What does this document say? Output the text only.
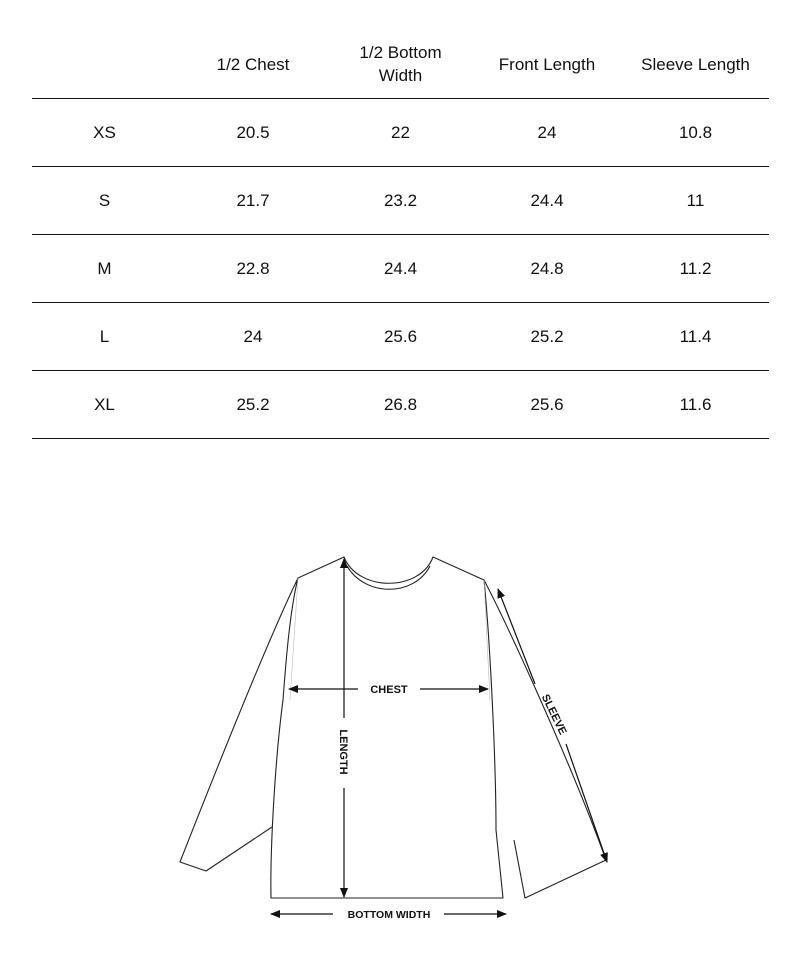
	1/2 Chest	1/2 Bottom Width	Front Length	Sleeve Length
XS	20.5	22	24	10.8
S	21.7	23.2	24.4	11
M	22.8	24.4	24.8	11.2
L	24	25.6	25.2	11.4
XL	25.2	26.8	25.6	11.6
CHEST
LENGTH
SLEEVE
BOTTOM WIDTH
